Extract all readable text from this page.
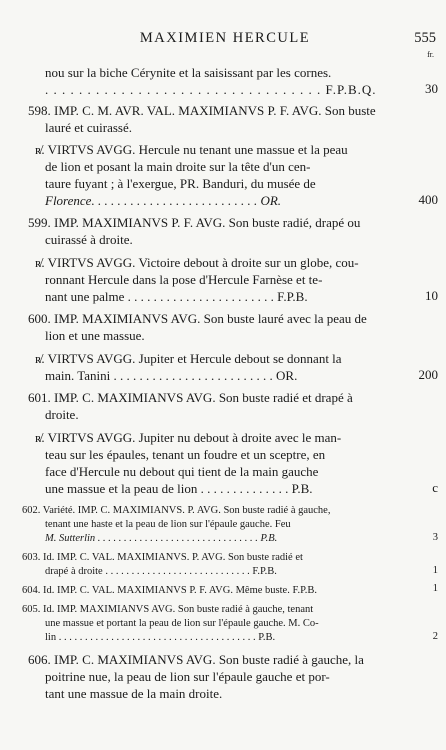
MAXIMIEN HERCULE	555
fr.
nou sur la biche Cérynite et la saisissant par les cornes.
. . . . . . . . . . . . . . . . . . . . . . . . . . . . . . . . . F.P.B.Q.	30
598. IMP. C. M. AVR. VAL. MAXIMIANVS P. F. AVG. Son buste
lauré et cuirassé.
ʀ̸. VIRTVS AVGG. Hercule nu tenant une massue et la peau
de lion et posant la main droite sur la tête d'un cen-
taure fuyant ; à l'exergue, PR. Banduri, du musée de
Florence. . . . . . . . . . . . . . . . . . . . . . . . . . OR.	400
599. IMP. MAXIMIANVS P. F. AVG. Son buste radié, drapé ou
cuirassé à droite.
ʀ̸. VIRTVS AVGG. Victoire debout à droite sur un globe, cou-
ronnant Hercule dans la pose d'Hercule Farnèse et te-
nant une palme . . . . . . . . . . . . . . . . . . . . . . . F.P.B.	10
600. IMP. MAXIMIANVS AVG. Son buste lauré avec la peau de
lion et une massue.
ʀ̸. VIRTVS AVGG. Jupiter et Hercule debout se donnant la
main. Tanini . . . . . . . . . . . . . . . . . . . . . . . . . OR.	200
601. IMP. C. MAXIMIANVS AVG. Son buste radié et drapé à
droite.
ʀ̸. VIRTVS AVGG. Jupiter nu debout à droite avec le man-
teau sur les épaules, tenant un foudre et un sceptre, en
face d'Hercule nu debout qui tient de la main gauche
une massue et la peau de lion . . . . . . . . . . . . . . P.B.	c
602. Variété. IMP. C. MAXIMIANVS. P. AVG. Son buste radié à gauche,
tenant une haste et la peau de lion sur l'épaule gauche. Feu
M. Sutterlin . . . . . . . . . . . . . . . . . . . . . . . . . . . . . . . P.B.	3
603. Id. IMP. C. VAL. MAXIMIANVS. P. AVG. Son buste radié et
drapé à droite . . . . . . . . . . . . . . . . . . . . . . . . . . . . F.P.B.	1
604. Id. IMP. C. VAL. MAXIMIANVS P. F. AVG. Même buste. F.P.B.	1
605. Id. IMP. MAXIMIANVS AVG. Son buste radié à gauche, tenant
une massue et portant la peau de lion sur l'épaule gauche. M. Co-
lin . . . . . . . . . . . . . . . . . . . . . . . . . . . . . . . . . . . . . . P.B.	2
606. IMP. C. MAXIMIANVS AVG. Son buste radié à gauche, la
poitrine nue, la peau de lion sur l'épaule gauche et por-
tant une massue de la main droite.
